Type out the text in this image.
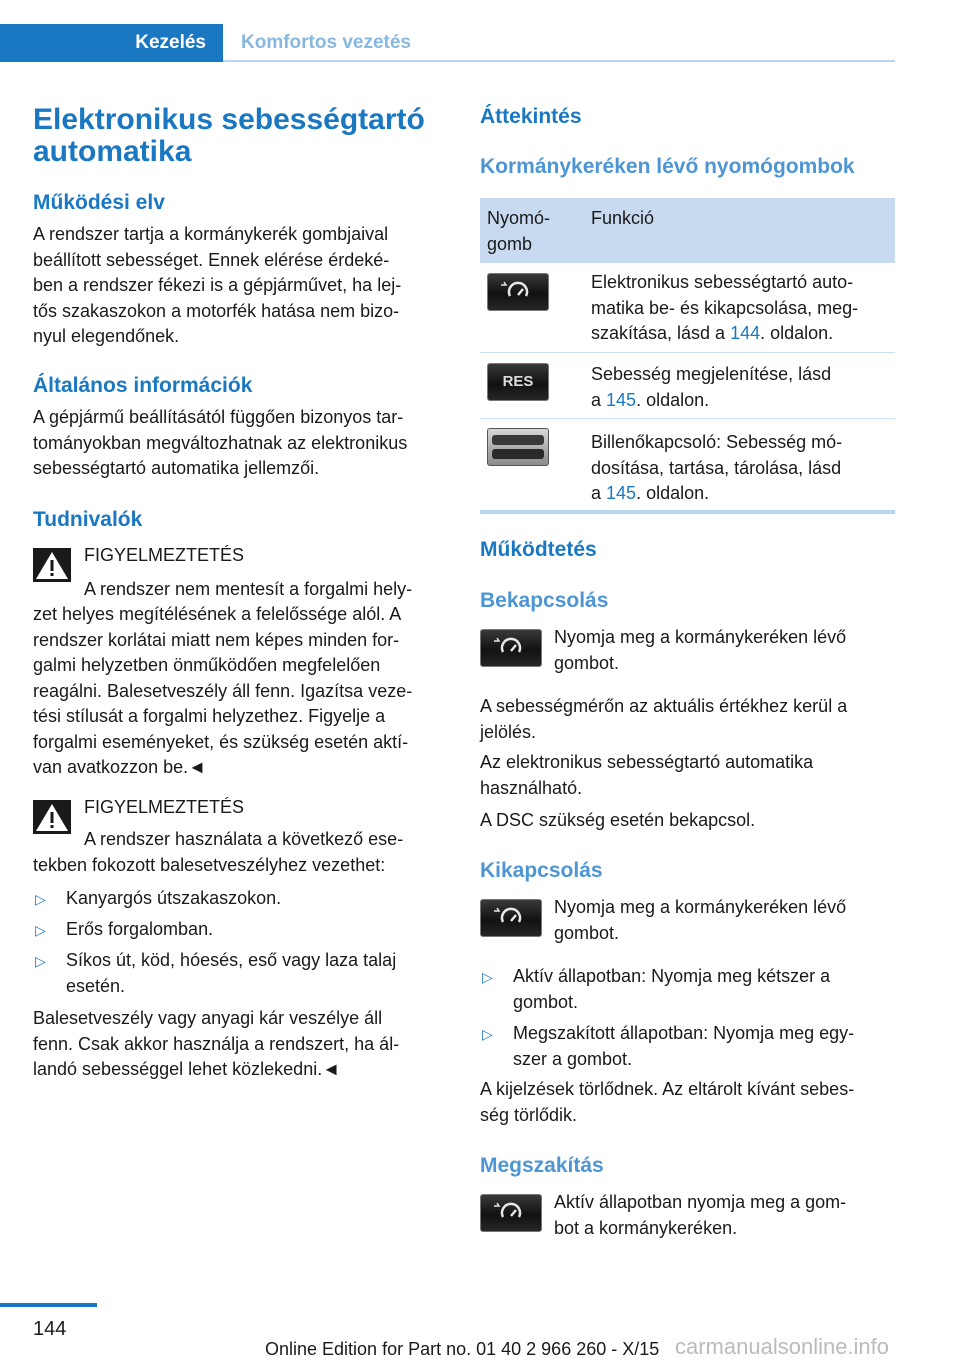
Kezelés	Komfortos vezetés
Elektronikus sebességtartó
automatika
Működési elv

A rendszer tartja a kormánykerék gombjaival
beállított sebességet. Ennek elérése érdeké‐
ben a rendszer fékezi is a gépjárművet, ha lej‐
tős szakaszokon a motorfék hatása nem bizo‐
nyul elegendőnek.

Általános információk

A gépjármű beállításától függően bizonyos tar‐
tományokban megváltozhatnak az elektronikus
sebességtartó automatika jellemzői.

Tudnivalók

FIGYELMEZTETÉS

A rendszer nem mentesít a forgalmi hely‐

zet helyes megítélésének a felelőssége alól. A
rendszer korlátai miatt nem képes minden for‐
galmi helyzetben önműködően megfelelően
reagálni. Balesetveszély áll fenn. Igazítsa veze‐
tési stílusát a forgalmi helyzethez. Figyelje a
forgalmi eseményeket, és szükség esetén aktí‐
van avatkozzon be.◄

FIGYELMEZTETÉS

A rendszer használata a következő ese‐

tekben fokozott balesetveszélyhez vezethet:

▷ Kanyargós útszakaszokon.

▷ Erős forgalomban.

▷ Síkos út, köd, hóesés, eső vagy laza talaj
esetén.

Balesetveszély vagy anyagi kár veszélye áll
fenn. Csak akkor használja a rendszert, ha ál‐
landó sebességgel lehet közlekedni.◄

Áttekintés
Kormánykeréken lévő nyomógombok

Nyomó‐
gomb

Funkció

Elektronikus sebességtartó auto‐
matika be- és kikapcsolása, meg‐
szakítása, lásd a 144. oldalon.

RES	Sebesség megjelenítése, lásd
a 145. oldalon.

Billenőkapcsoló: Sebesség mó‐
dosítása, tartása, tárolása, lásd
a 145. oldalon.

Működtetés
Bekapcsolás

Nyomja meg a kormánykeréken lévő
gombot.

A sebességmérőn az aktuális értékhez kerül a
jelölés.

Az elektronikus sebességtartó automatika
használható.

A DSC szükség esetén bekapcsol.

Kikapcsolás

Nyomja meg a kormánykeréken lévő
gombot.

▷ Aktív állapotban: Nyomja meg kétszer a
gombot.

▷ Megszakított állapotban: Nyomja meg egy‐
szer a gombot.

A kijelzések törlődnek. Az eltárolt kívánt sebes‐
ség törlődik.

Megszakítás

Aktív állapotban nyomja meg a gom‐
bot a kormánykeréken.

144
Online Edition for Part no. 01 40 2 966 260 - X/15 carmanualsonline.info
